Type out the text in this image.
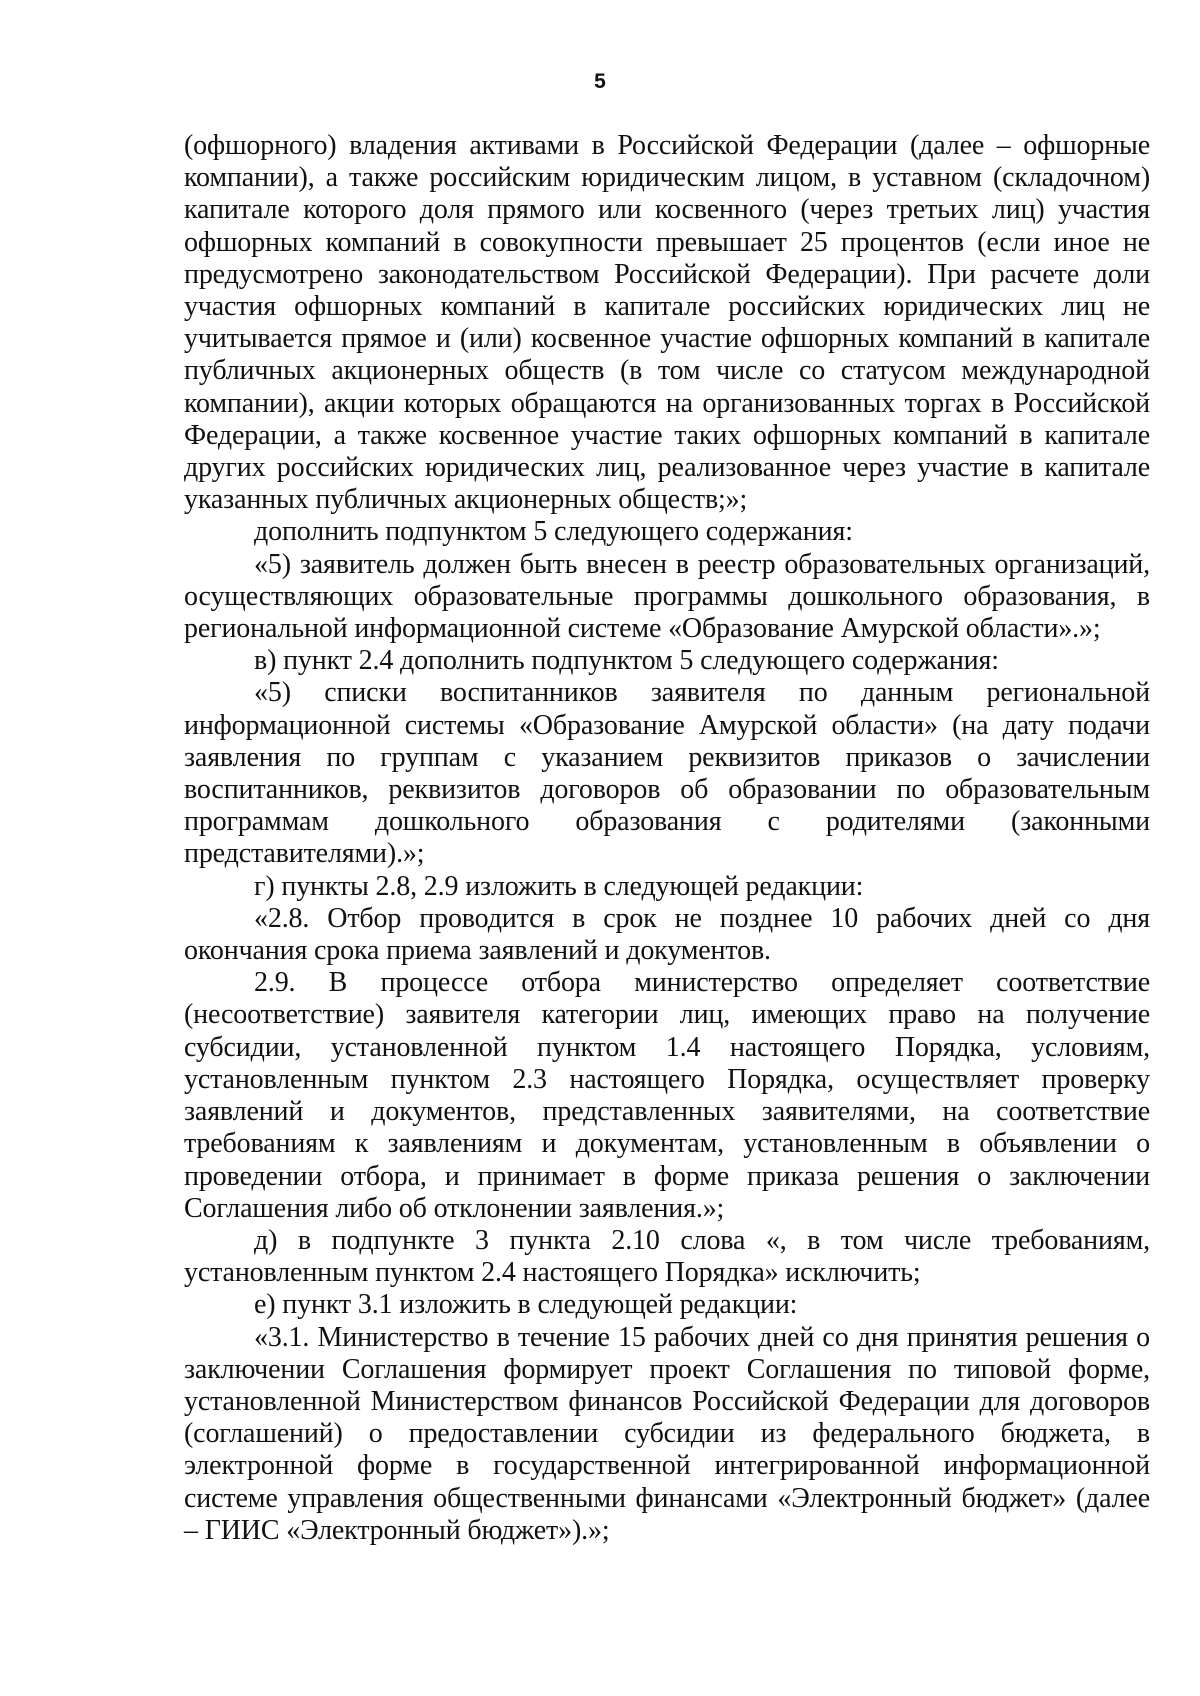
5

(офшорного) владения активами в Российской Федерации (далее – офшорные компании), а также российским юридическим лицом, в уставном (складочном) капитале которого доля прямого или косвенного (через третьих лиц) участия офшорных компаний в совокупности превышает 25 процентов (если иное не предусмотрено законодательством Российской Федерации). При расчете доли участия офшорных компаний в капитале российских юридических лиц не учитывается прямое и (или) косвенное участие офшорных компаний в капитале публичных акционерных обществ (в том числе со статусом международной компании), акции которых обращаются на организованных торгах в Российской Федерации, а также косвенное участие таких офшорных компаний в капитале других российских юридических лиц, реализованное через участие в капитале указанных публичных акционерных обществ;»;

дополнить подпунктом 5 следующего содержания:

«5) заявитель должен быть внесен в реестр образовательных организаций, осуществляющих образовательные программы дошкольного образования, в региональной информационной системе «Образование Амурской области».»;

в) пункт 2.4 дополнить подпунктом 5 следующего содержания:

«5) списки воспитанников заявителя по данным региональной информационной системы «Образование Амурской области» (на дату подачи заявления по группам с указанием реквизитов приказов о зачислении воспитанников, реквизитов договоров об образовании по образовательным программам дошкольного образования с родителями (законными представителями).»;

г) пункты 2.8, 2.9 изложить в следующей редакции:

«2.8. Отбор проводится в срок не позднее 10 рабочих дней со дня окончания срока приема заявлений и документов.

2.9. В процессе отбора министерство определяет соответствие (несоответствие) заявителя категории лиц, имеющих право на получение субсидии, установленной пунктом 1.4 настоящего Порядка, условиям, установленным пунктом 2.3 настоящего Порядка, осуществляет проверку заявлений и документов, представленных заявителями, на соответствие требованиям к заявлениям и документам, установленным в объявлении о проведении отбора, и принимает в форме приказа решения о заключении Соглашения либо об отклонении заявления.»;

д) в подпункте 3 пункта 2.10 слова «, в том числе требованиям, установленным пунктом 2.4 настоящего Порядка» исключить;

е) пункт 3.1 изложить в следующей редакции:

«3.1. Министерство в течение 15 рабочих дней со дня принятия решения о заключении Соглашения формирует проект Соглашения по типовой форме, установленной Министерством финансов Российской Федерации для договоров (соглашений) о предоставлении субсидии из федерального бюджета, в электронной форме в государственной интегрированной информационной системе управления общественными финансами «Электронный бюджет» (далее – ГИИС «Электронный бюджет»).»;
